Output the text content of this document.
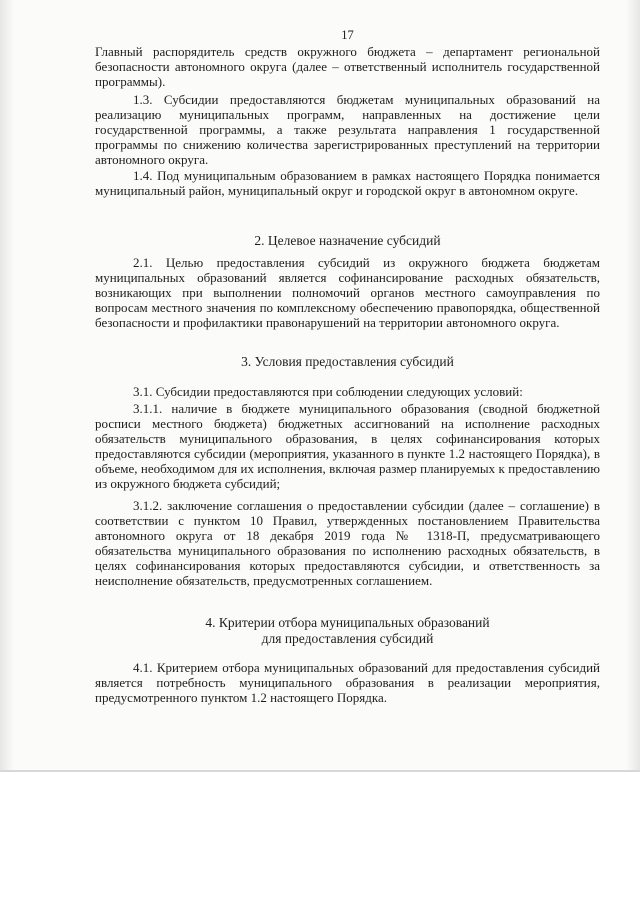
17

Главный распорядитель средств окружного бюджета – департамент региональной безопасности автономного округа (далее – ответственный исполнитель государственной программы).

1.3. Субсидии предоставляются бюджетам муниципальных образований на реализацию муниципальных программ, направленных на достижение цели государственной программы, а также результата направления 1 государственной программы по снижению количества зарегистрированных преступлений на территории автономного округа.

1.4. Под муниципальным образованием в рамках настоящего Порядка понимается муниципальный район, муниципальный округ и городской округ в автономном округе.

2. Целевое назначение субсидий

2.1. Целью предоставления субсидий из окружного бюджета бюджетам муниципальных образований является софинансирование расходных обязательств, возникающих при выполнении полномочий органов местного самоуправления по вопросам местного значения по комплексному обеспечению правопорядка, общественной безопасности и профилактики правонарушений на территории автономного округа.

3. Условия предоставления субсидий

3.1. Субсидии предоставляются при соблюдении следующих условий:

3.1.1. наличие в бюджете муниципального образования (сводной бюджетной росписи местного бюджета) бюджетных ассигнований на исполнение расходных обязательств муниципального образования, в целях софинансирования которых предоставляются субсидии (мероприятия, указанного в пункте 1.2 настоящего Порядка), в объеме, необходимом для их исполнения, включая размер планируемых к предоставлению из окружного бюджета субсидий;

3.1.2. заключение соглашения о предоставлении субсидии (далее – соглашение) в соответствии с пунктом 10 Правил, утвержденных постановлением Правительства автономного округа от 18 декабря 2019 года № 1318-П, предусматривающего обязательства муниципального образования по исполнению расходных обязательств, в целях софинансирования которых предоставляются субсидии, и ответственность за неисполнение обязательств, предусмотренных соглашением.

4. Критерии отбора муниципальных образований
для предоставления субсидий

4.1. Критерием отбора муниципальных образований для предоставления субсидий является потребность муниципального образования в реализации мероприятия, предусмотренного пунктом 1.2 настоящего Порядка.
